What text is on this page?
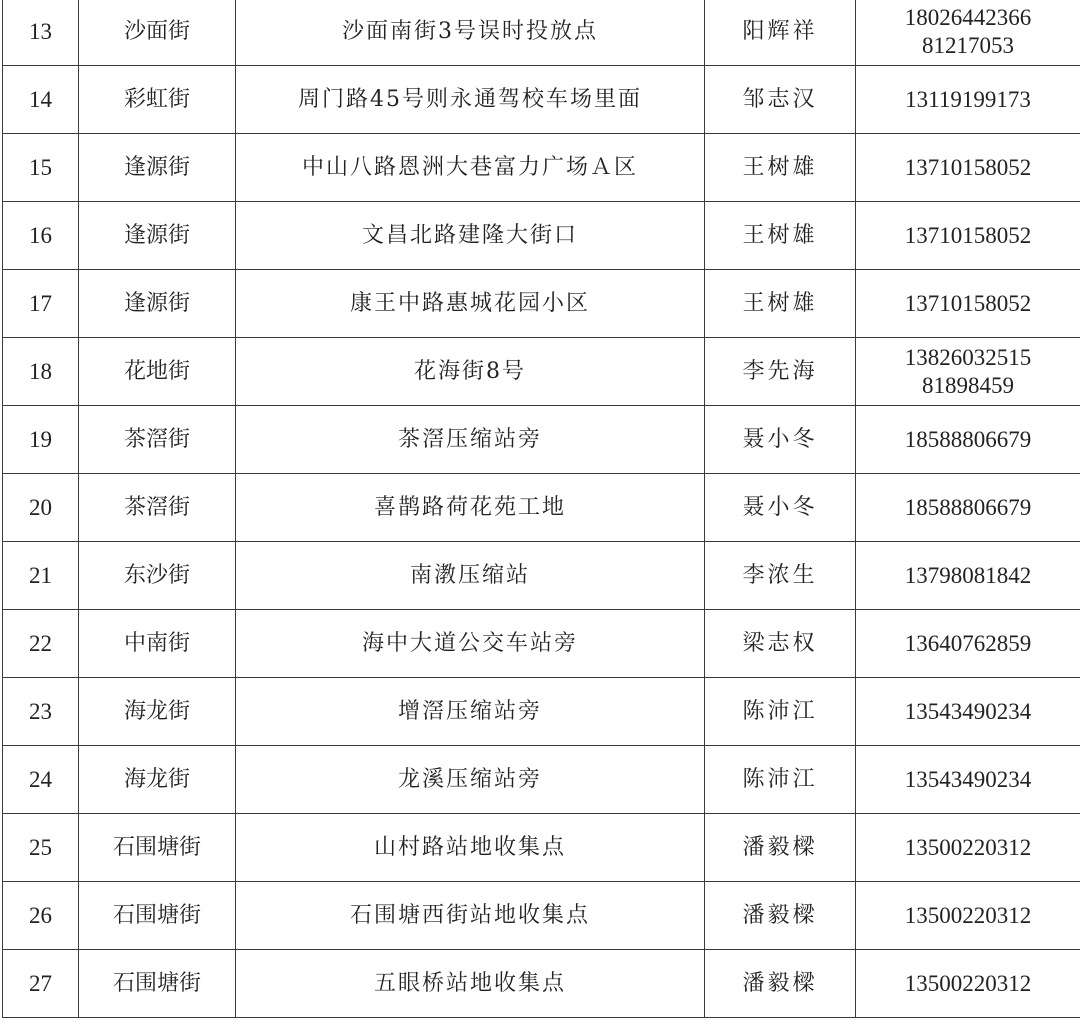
13	沙面街	沙面南街3号误时投放点	阳辉祥	18026442366
81217053

14	彩虹街	周门路45号则永通驾校车场里面	邹志汉	13119199173

15	逢源街	中山八路恩洲大巷富力广场Ａ区	王树雄	13710158052

16	逢源街	文昌北路建隆大街口	王树雄	13710158052

17	逢源街	康王中路惠城花园小区	王树雄	13710158052

18	花地街	花海街8号	李先海	13826032515
81898459

19	茶滘街	茶滘压缩站旁	聂小冬	18588806679

20	茶滘街	喜鹊路荷花苑工地	聂小冬	18588806679

21	东沙街	南漖压缩站	李浓生	13798081842

22	中南街	海中大道公交车站旁	梁志权	13640762859

23	海龙街	增滘压缩站旁	陈沛江	13543490234

24	海龙街	龙溪压缩站旁	陈沛江	13543490234

25	石围塘街	山村路站地收集点	潘毅樑	13500220312

26	石围塘街	石围塘西街站地收集点	潘毅樑	13500220312

27	石围塘街	五眼桥站地收集点	潘毅樑	13500220312
